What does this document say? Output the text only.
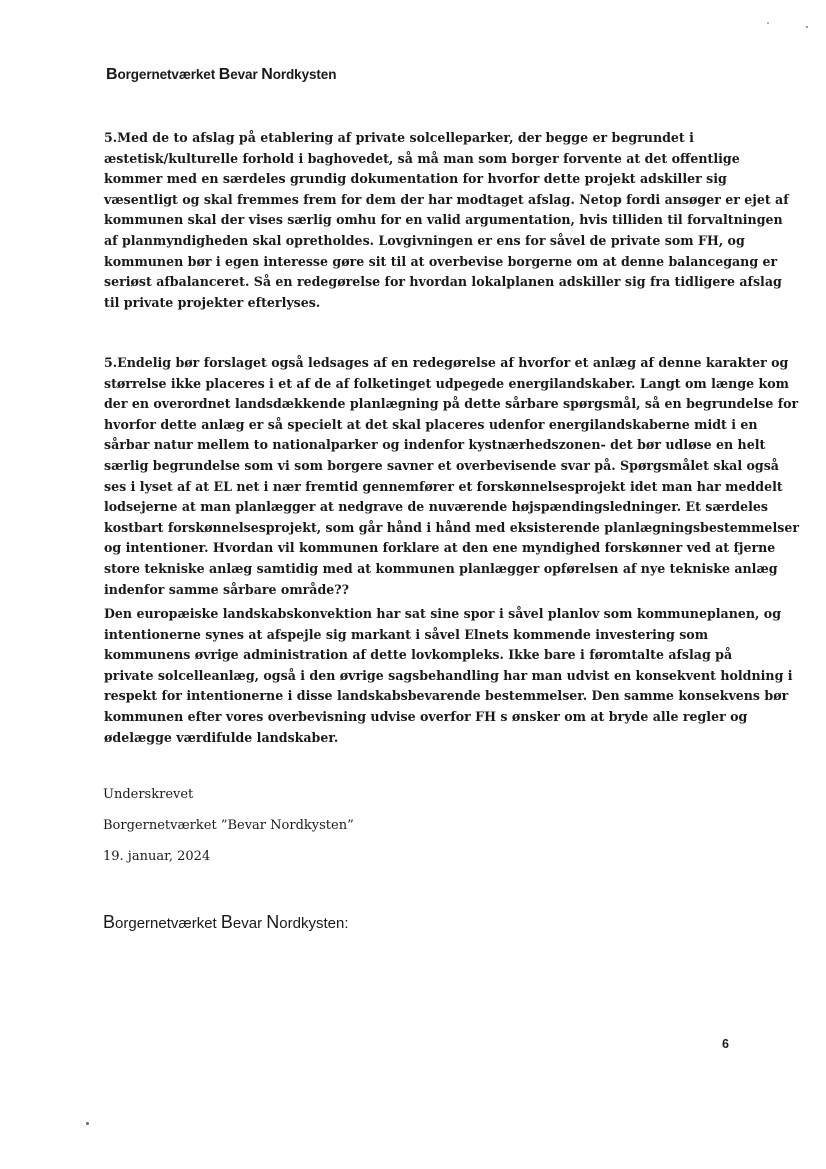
Borgernetværket Bevar Nordkysten
5.Med de to afslag på etablering af private solcelleparker, der begge er begrundet i
æstetisk/kulturelle forhold i baghovedet, så må man som borger forvente at det offentlige
kommer med en særdeles grundig dokumentation for hvorfor dette projekt adskiller sig
væsentligt og skal fremmes frem for dem der har modtaget afslag. Netop fordi ansøger er ejet af
kommunen skal der vises særlig omhu for en valid argumentation, hvis tilliden til forvaltningen
af planmyndigheden skal opretholdes. Lovgivningen er ens for såvel de private som FH, og
kommunen bør i egen interesse gøre sit til at overbevise borgerne om at denne balancegang er
seriøst afbalanceret. Så en redegørelse for hvordan lokalplanen adskiller sig fra tidligere afslag
til private projekter efterlyses.
5.Endelig bør forslaget også ledsages af en redegørelse af hvorfor et anlæg af denne karakter og
størrelse ikke placeres i et af de af folketinget udpegede energilandskaber. Langt om længe kom
der en overordnet landsdækkende planlægning på dette sårbare spørgsmål, så en begrundelse for
hvorfor dette anlæg er så specielt at det skal placeres udenfor energilandskaberne midt i en
sårbar natur mellem to nationalparker og indenfor kystnærhedszonen- det bør udløse en helt
særlig begrundelse som vi som borgere savner et overbevisende svar på. Spørgsmålet skal også
ses i lyset af at EL net i nær fremtid gennemfører et forskønnelsesprojekt idet man har meddelt
lodsejerne at man planlægger at nedgrave de nuværende højspændingsledninger. Et særdeles
kostbart forskønnelsesprojekt, som går hånd i hånd med eksisterende planlægningsbestemmelser
og intentioner. Hvordan vil kommunen forklare at den ene myndighed forskønner ved at fjerne
store tekniske anlæg samtidig med at kommunen planlægger opførelsen af nye tekniske anlæg
indenfor samme sårbare område??
Den europæiske landskabskonvektion har sat sine spor i såvel planlov som kommuneplanen, og
intentionerne synes at afspejle sig markant i såvel Elnets kommende investering som
kommunens øvrige administration af dette lovkompleks. Ikke bare i føromtalte afslag på
private solcelleanlæg, også i den øvrige sagsbehandling har man udvist en konsekvent holdning i
respekt for intentionerne i disse landskabsbevarende bestemmelser. Den samme konsekvens bør
kommunen efter vores overbevisning udvise overfor FH s ønsker om at bryde alle regler og
ødelægge værdifulde landskaber.
Underskrevet
Borgernetværket ”Bevar Nordkysten”
19. januar, 2024
Borgernetværket Bevar Nordkysten:
6
